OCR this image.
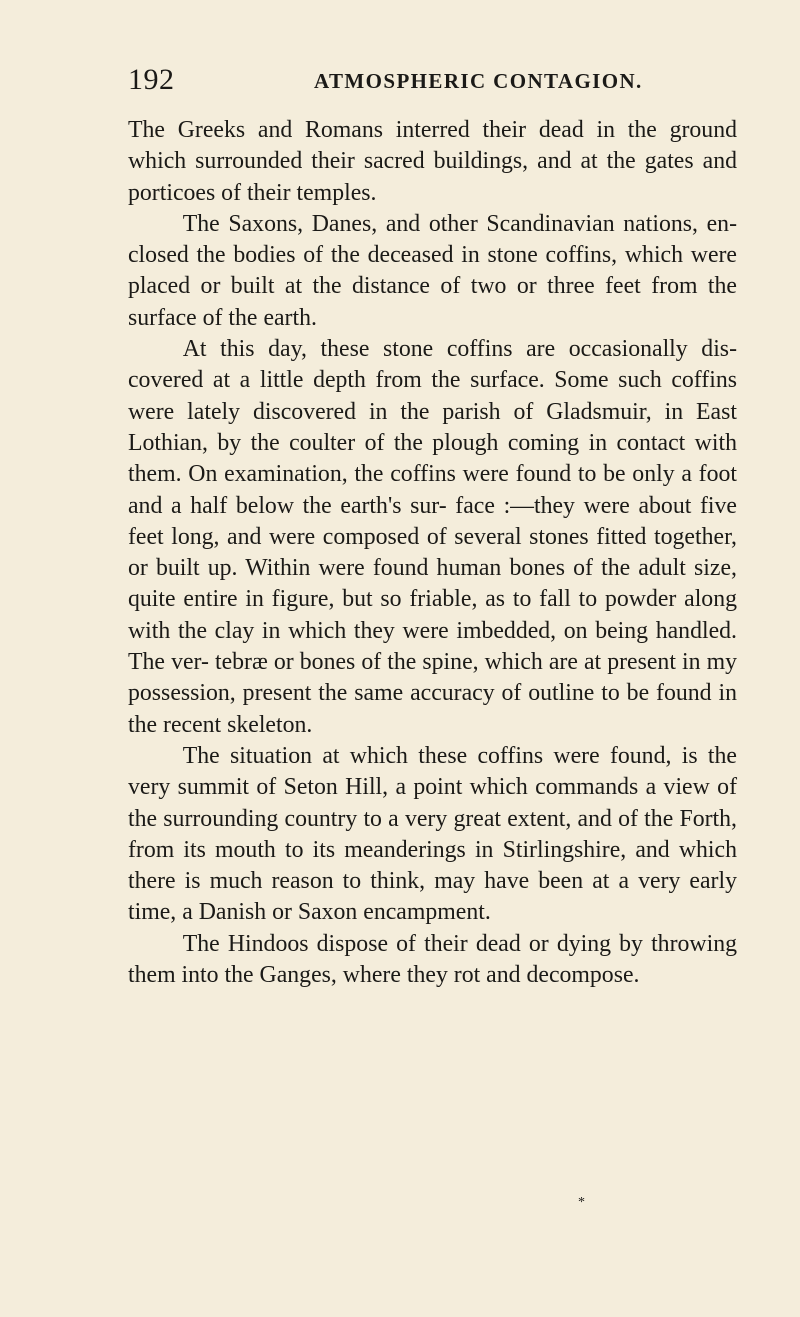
192	ATMOSPHERIC CONTAGION.

The Greeks and Romans interred their dead in the ground which surrounded their sacred buildings, and at the gates and porticoes of their temples.

The Saxons, Danes, and other Scandinavian nations, en- closed the bodies of the deceased in stone coffins, which were placed or built at the distance of two or three feet from the surface of the earth.

At this day, these stone coffins are occasionally dis- covered at a little depth from the surface. Some such coffins were lately discovered in the parish of Gladsmuir, in East Lothian, by the coulter of the plough coming in contact with them. On examination, the coffins were found to be only a foot and a half below the earth's sur- face :—they were about five feet long, and were composed of several stones fitted together, or built up. Within were found human bones of the adult size, quite entire in figure, but so friable, as to fall to powder along with the clay in which they were imbedded, on being handled. The ver- tebræ or bones of the spine, which are at present in my possession, present the same accuracy of outline to be found in the recent skeleton.

The situation at which these coffins were found, is the very summit of Seton Hill, a point which commands a view of the surrounding country to a very great extent, and of the Forth, from its mouth to its meanderings in Stirlingshire, and which there is much reason to think, may have been at a very early time, a Danish or Saxon encampment.

The Hindoos dispose of their dead or dying by throwing them into the Ganges, where they rot and decompose.

*
